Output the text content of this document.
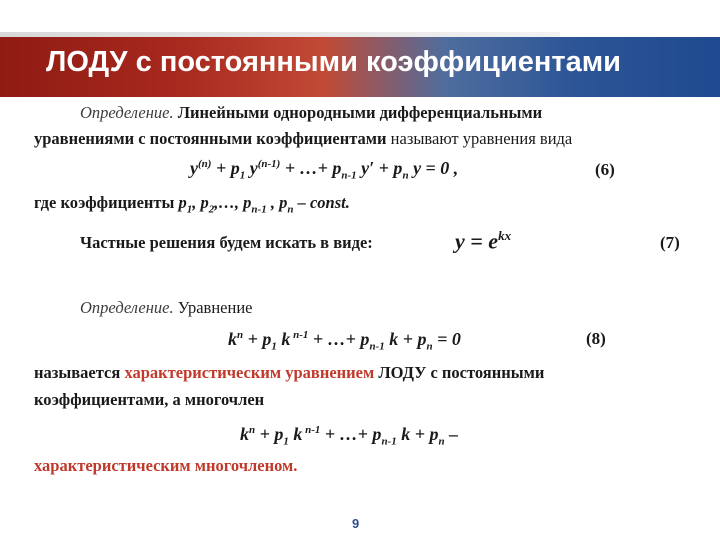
ЛОДУ с постоянными коэффициентами
Определение. Линейными однородными дифференциальными
уравнениями с постоянными коэффициентами называют уравнения вида
$y^{(n)} + p_1$ $y^{(n-1)}$ + …+ $p_{n-1}$ $y' + p_n$ y = 0 ,	(6)
где коэффициенты $p_1$, $p_2,\dots$, $p_{n-1}$ , $p_n$ – const.
Частные решения будем искать в виде:	$y = e^{kx}$	(7)
Определение. Уравнение
$k^n + p_1$ k $^{n-1}$ + …+ $p_{n-1}$ $k + p_n = 0$	(8)
называется характеристическим уравнением ЛОДУ с постоянными
коэффициентами, а многочлен
$k^n + p_1$ k $^{n-1}$ + …+ $p_{n-1}$ $k + p_n$ –
характеристическим многочленом.
9
